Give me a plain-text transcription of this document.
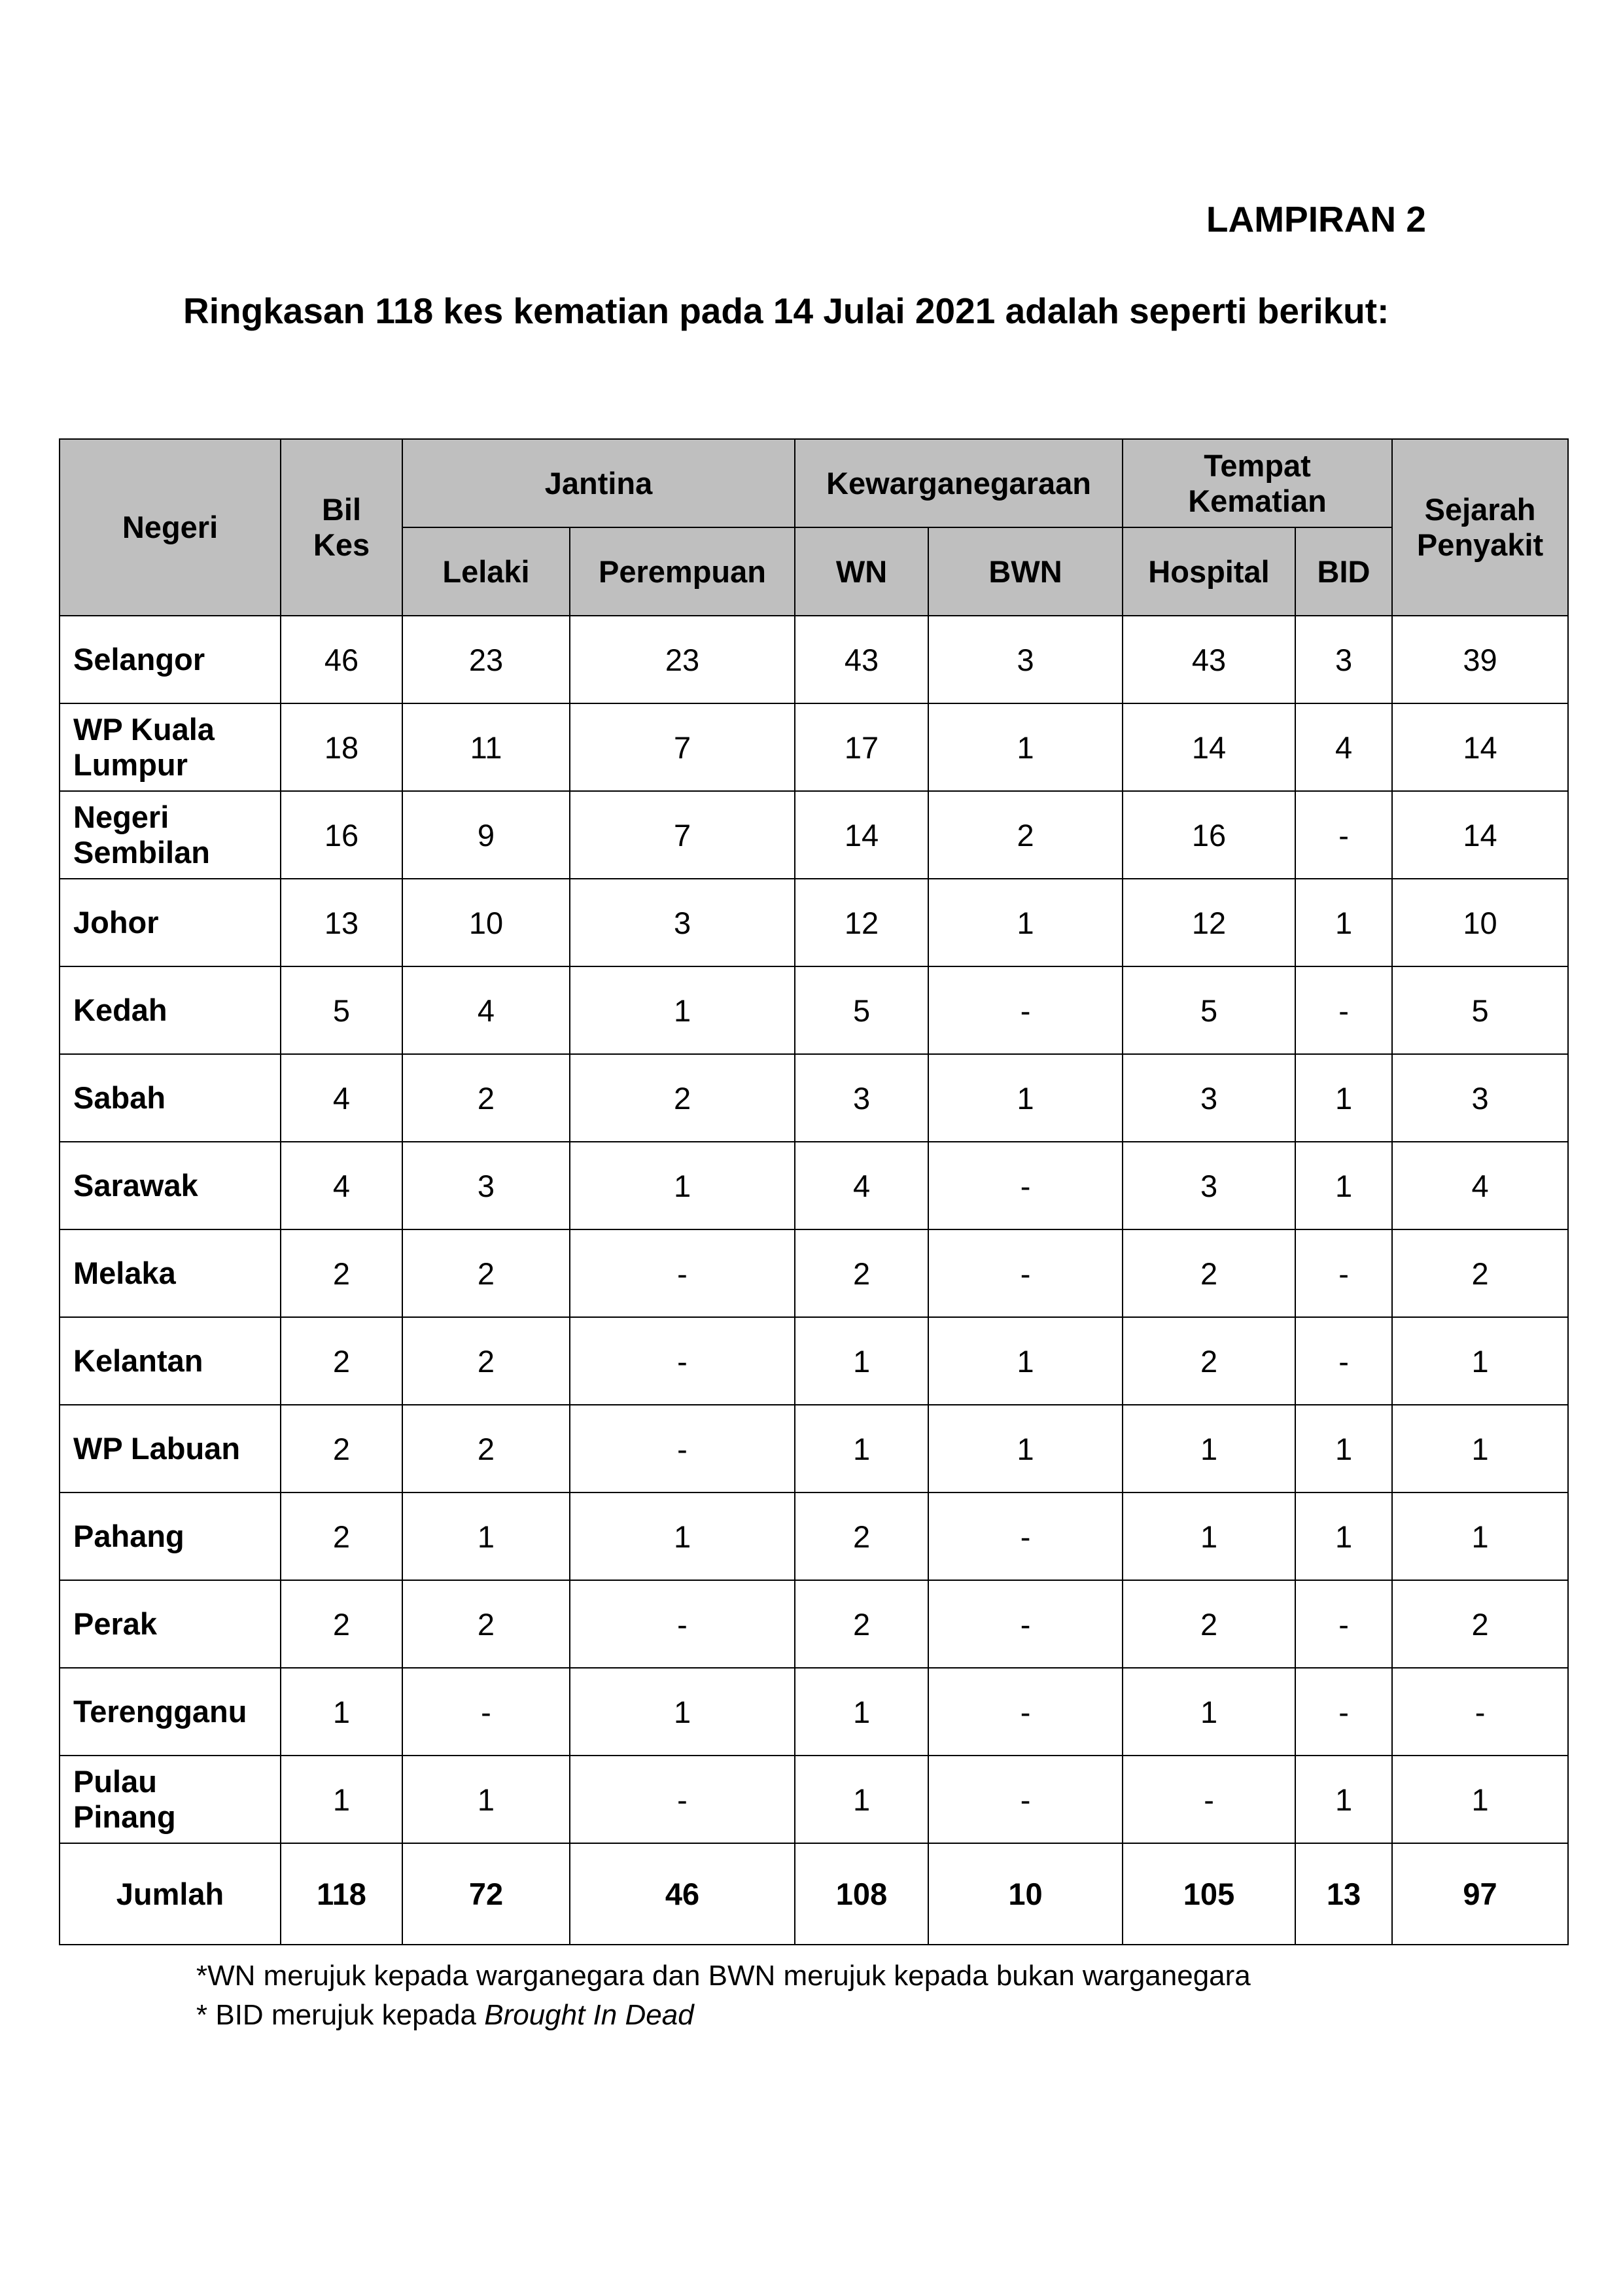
LAMPIRAN 2
Ringkasan 118 kes kematian pada 14 Julai 2021 adalah seperti berikut:
Negeri	Bil Kes	Jantina		Kewarganegaraan		Tempat Kematian		Sejarah Penyakit
		Lelaki	Perempuan	WN	BWN	Hospital	BID	
Selangor	46	23	23	43	3	43	3	39
WP Kuala Lumpur	18	11	7	17	1	14	4	14
Negeri Sembilan	16	9	7	14	2	16	-	14
Johor	13	10	3	12	1	12	1	10
Kedah	5	4	1	5	-	5	-	5
Sabah	4	2	2	3	1	3	1	3
Sarawak	4	3	1	4	-	3	1	4
Melaka	2	2	-	2	-	2	-	2
Kelantan	2	2	-	1	1	2	-	1
WP Labuan	2	2	-	1	1	1	1	1
Pahang	2	1	1	2	-	1	1	1
Perak	2	2	-	2	-	2	-	2
Terengganu	1	-	1	1	-	1	-	-
Pulau Pinang	1	1	-	1	-	-	1	1
Jumlah	118	72	46	108	10	105	13	97
*WN merujuk kepada warganegara dan BWN merujuk kepada bukan warganegara
* BID merujuk kepada Brought In Dead
